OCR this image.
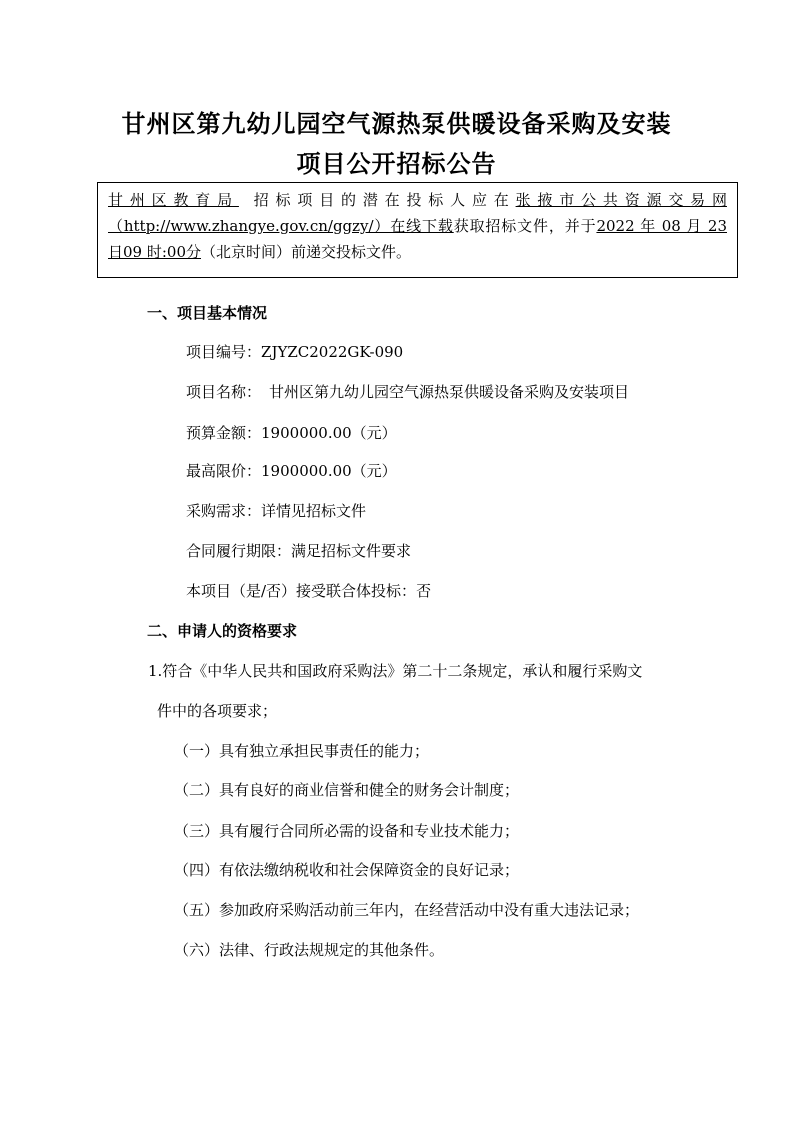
甘州区第九幼儿园空气源热泵供暖设备采购及安装
项目公开招标公告
甘州区教育局 招标项目的潜在投标人应在张掖市公共资源交易网
（http://www.zhangye.gov.cn/ggzy/）在线下载获取招标文件，并于2022 年 08 月 23
日09 时:00分（北京时间）前递交投标文件。
一、项目基本情况
项目编号：ZJYZC2022GK-090
项目名称： 甘州区第九幼儿园空气源热泵供暖设备采购及安装项目
预算金额：1900000.00（元）
最高限价：1900000.00（元）
采购需求：详情见招标文件
合同履行期限：满足招标文件要求
本项目（是/否）接受联合体投标：否
二、申请人的资格要求
1.符合《中华人民共和国政府采购法》第二十二条规定，承认和履行采购文
件中的各项要求；
（一）具有独立承担民事责任的能力；
（二）具有良好的商业信誉和健全的财务会计制度；
（三）具有履行合同所必需的设备和专业技术能力；
（四）有依法缴纳税收和社会保障资金的良好记录；
（五）参加政府采购活动前三年内，在经营活动中没有重大违法记录；
（六）法律、行政法规规定的其他条件。
